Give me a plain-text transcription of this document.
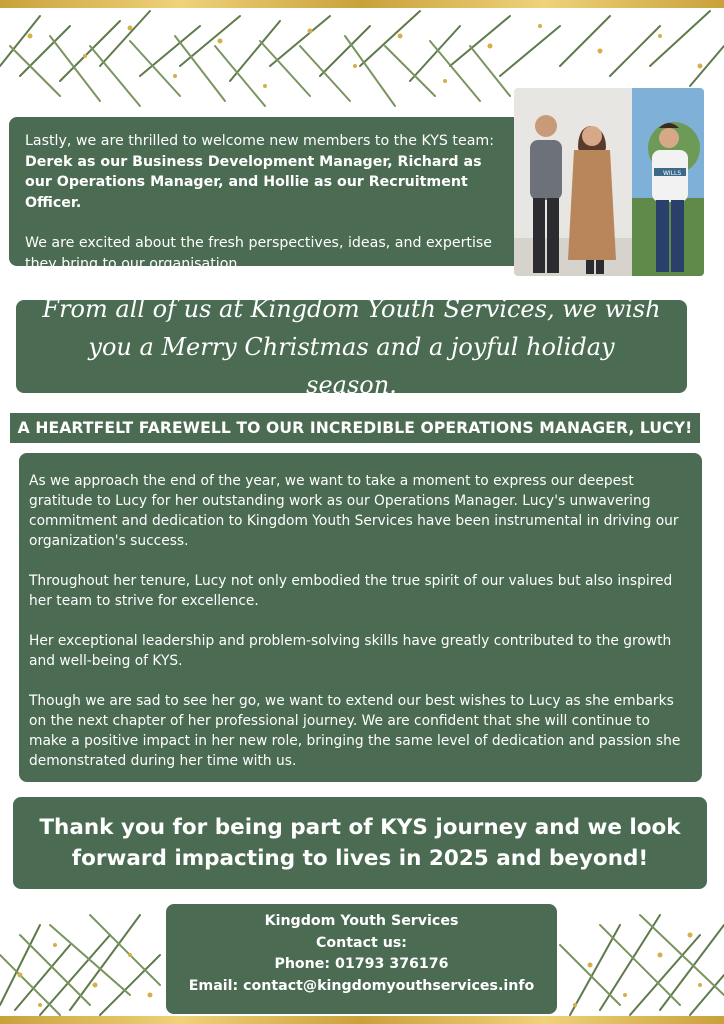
Lastly, we are thrilled to welcome new members to the KYS team:

Derek as our Business Development Manager, Richard as our Operations Manager, and Hollie as our Recruitment Officer.

We are excited about the fresh perspectives, ideas, and expertise they bring to our organisation.

WILLS
From all of us at Kingdom Youth Services, we wish you a Merry Christmas and a joyful holiday season.
A HEARTFELT FAREWELL TO OUR INCREDIBLE OPERATIONS MANAGER, LUCY!

As we approach the end of the year, we want to take a moment to express our deepest gratitude to Lucy for her outstanding work as our Operations Manager. Lucy's unwavering commitment and dedication to Kingdom Youth Services have been instrumental in driving our organization's success.

Throughout her tenure, Lucy not only embodied the true spirit of our values but also inspired her team to strive for excellence.

Her exceptional leadership and problem-solving skills have greatly contributed to the growth and well-being of KYS.

Though we are sad to see her go, we want to extend our best wishes to Lucy as she embarks on the next chapter of her professional journey. We are confident that she will continue to make a positive impact in her new role, bringing the same level of dedication and passion she demonstrated during her time with us.

Thank you for being part of KYS journey and we look forward impacting to lives in 2025 and beyond!
Kingdom Youth Services
Contact us:
Phone: 01793 376176
Email: contact@kingdomyouthservices.info
